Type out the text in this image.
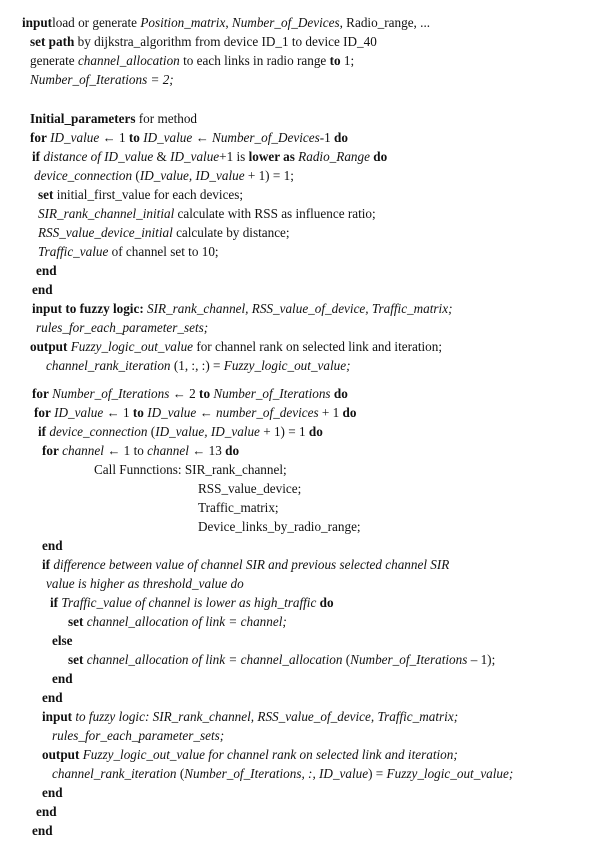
inputload or generate Position_matrix, Number_of_Devices, Radio_range, ...
set path by dijkstra_algorithm from device ID_1 to device ID_40
generate channel_allocation to each links in radio range to 1;
Number_of_Iterations = 2;
Initial_parameters for method
for ID_value ← 1 to ID_value ← Number_of_Devices-1 do
if distance of ID_value & ID_value+1 is lower as Radio_Range do
device_connection (ID_value, ID_value + 1) = 1;
set initial_first_value for each devices;
SIR_rank_channel_initial calculate with RSS as influence ratio;
RSS_value_device_initial calculate by distance;
Traffic_value of channel set to 10;
end
end
input to fuzzy logic: SIR_rank_channel, RSS_value_of_device, Traffic_matrix;
rules_for_each_parameter_sets;
output Fuzzy_logic_out_value for channel rank on selected link and iteration;
channel_rank_iteration (1, :, :) = Fuzzy_logic_out_value;
for Number_of_Iterations ← 2 to Number_of_Iterations do
for ID_value ← 1 to ID_value ← number_of_devices + 1 do
if device_connection (ID_value, ID_value + 1) = 1 do
for channel ← 1 to channel ← 13 do
Call Funnctions: SIR_rank_channel;
RSS_value_device;
Traffic_matrix;
Device_links_by_radio_range;
end
if difference between value of channel SIR and previous selected channel SIR
value is higher as threshold_value do
if Traffic_value of channel is lower as high_traffic do
set channel_allocation of link = channel;
else
set channel_allocation of link = channel_allocation (Number_of_Iterations – 1);
end
end
input to fuzzy logic: SIR_rank_channel, RSS_value_of_device, Traffic_matrix;
rules_for_each_parameter_sets;
output Fuzzy_logic_out_value for channel rank on selected link and iteration;
channel_rank_iteration (Number_of_Iterations, :, ID_value) = Fuzzy_logic_out_value;
end
end
end
